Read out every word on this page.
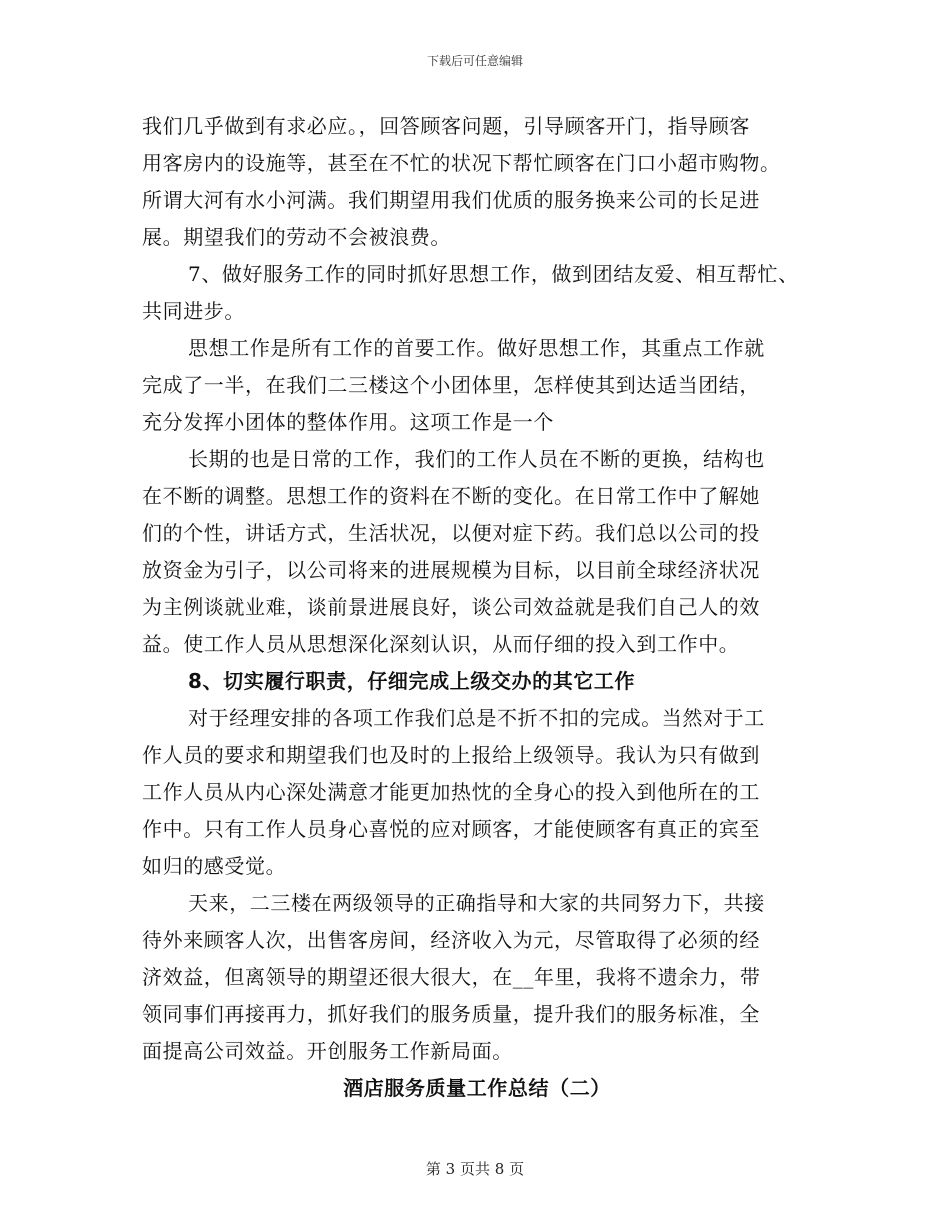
下载后可任意编辑
我们几乎做到有求必应。，回答顾客问题，引导顾客开门，指导顾客
用客房内的设施等，甚至在不忙的状况下帮忙顾客在门口小超市购物。
所谓大河有水小河满。我们期望用我们优质的服务换来公司的长足进
展。期望我们的劳动不会被浪费。
7、做好服务工作的同时抓好思想工作，做到团结友爱、相互帮忙、
共同进步。
思想工作是所有工作的首要工作。做好思想工作，其重点工作就
完成了一半，在我们二三楼这个小团体里，怎样使其到达适当团结，
充分发挥小团体的整体作用。这项工作是一个
长期的也是日常的工作，我们的工作人员在不断的更换，结构也
在不断的调整。思想工作的资料在不断的变化。在日常工作中了解她
们的个性，讲话方式，生活状况，以便对症下药。我们总以公司的投
放资金为引子，以公司将来的进展规模为目标，以目前全球经济状况
为主例谈就业难，谈前景进展良好，谈公司效益就是我们自己人的效
益。使工作人员从思想深化深刻认识，从而仔细的投入到工作中。
8、切实履行职责，仔细完成上级交办的其它工作
对于经理安排的各项工作我们总是不折不扣的完成。当然对于工
作人员的要求和期望我们也及时的上报给上级领导。我认为只有做到
工作人员从内心深处满意才能更加热忱的全身心的投入到他所在的工
作中。只有工作人员身心喜悦的应对顾客，才能使顾客有真正的宾至
如归的感受觉。
天来，二三楼在两级领导的正确指导和大家的共同努力下，共接
待外来顾客人次，出售客房间，经济收入为元，尽管取得了必须的经
济效益，但离领导的期望还很大很大，在__年里，我将不遗余力，带
领同事们再接再力，抓好我们的服务质量，提升我们的服务标准，全
面提高公司效益。开创服务工作新局面。
酒店服务质量工作总结（二）
第 3 页共 8 页
